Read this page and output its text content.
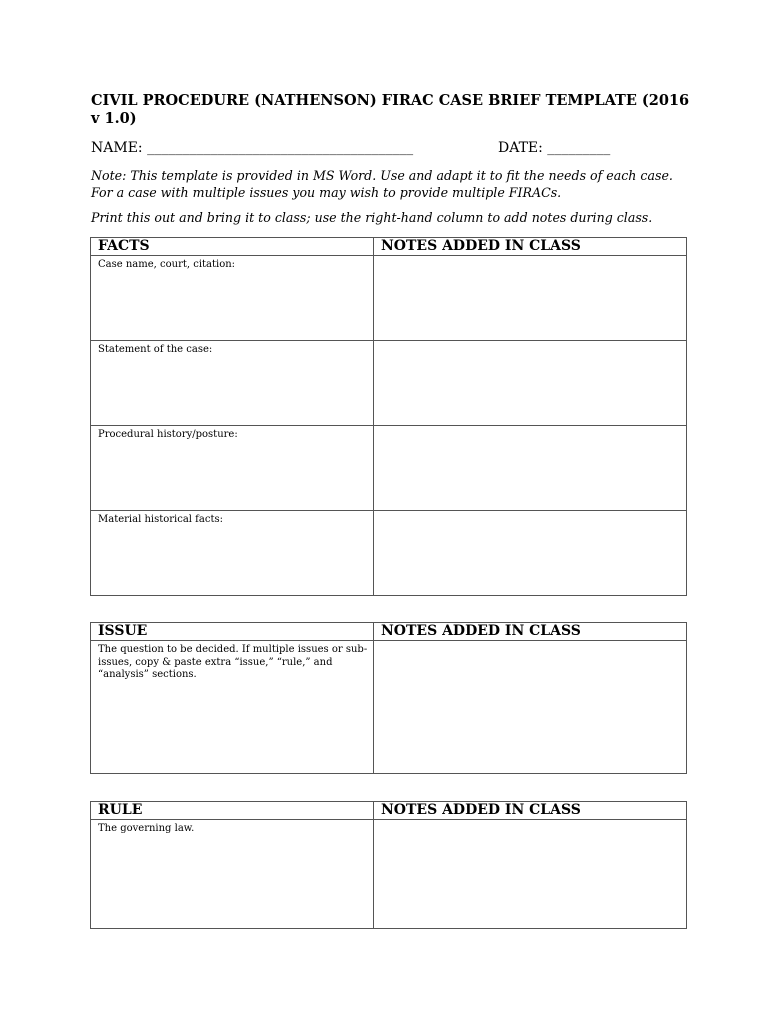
CIVIL PROCEDURE (NATHENSON) FIRAC CASE BRIEF TEMPLATE (2016 v 1.0)
NAME: ______________________________________	DATE: _________

Note: This template is provided in MS Word. Use and adapt it to fit the needs of each case. For a case with multiple issues you may wish to provide multiple FIRACs.

Print this out and bring it to class; use the right-hand column to add notes during class.

FACTS	NOTES ADDED IN CLASS
Case name, court, citation:	
Statement of the case:	
Procedural history/posture:	
Material historical facts:	
ISSUE	NOTES ADDED IN CLASS
The question to be decided. If multiple issues or sub-issues, copy & paste extra “issue,” “rule,” and “analysis” sections.	
RULE	NOTES ADDED IN CLASS
The governing law.	
